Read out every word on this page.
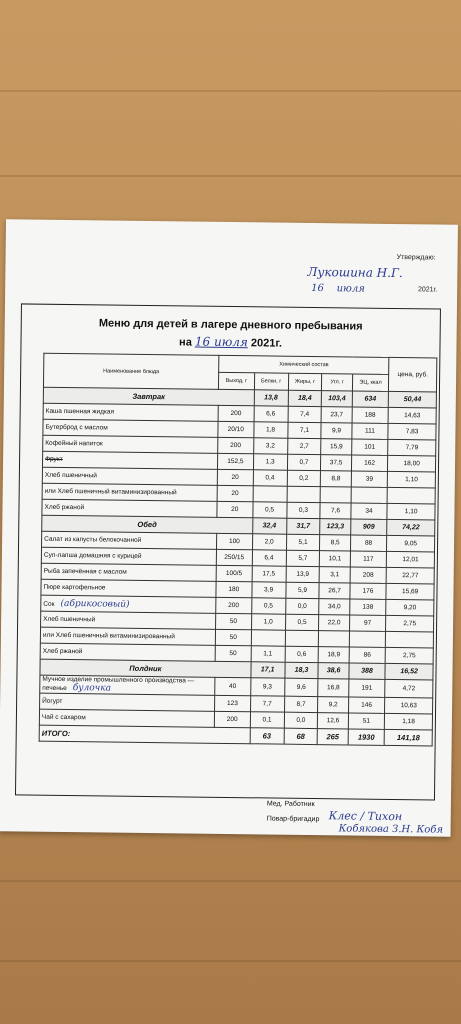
Утверждаю:
Лукошина Н.Г.
16 июля	2021г.
Меню для детей в лагере дневного пребывания
на 16 июля 2021г.
Наименование блюда	Химический состав					цена, руб.
	Выход, г	Белки, г	Жиры, г	Угл. г	ЭЦ, ккал	
Завтрак		13,8	18,4	103,4	634	50,44
Каша пшенная жидкая	200	6,6	7,4	23,7	188	14,63
Бутерброд с маслом	20/10	1,8	7,1	9,9	111	7,83
Кофейный напиток	200	3,2	2,7	15,9	101	7,79
Фрукт	152,5	1,3	0,7	37,5	162	18,00
Хлеб пшеничный	20	0,4	0,2	8,8	39	1,10
или Хлеб пшеничный витаминизированный	20					
Хлеб ржаной	20	0,5	0,3	7,6	34	1,10
Обед		32,4	31,7	123,3	909	74,22
Салат из капусты белокочанной	100	2,0	5,1	8,5	88	9,05
Суп-лапша домашняя с курицей	250/15	6,4	5,7	10,1	117	12,01
Рыба запечённая с маслом	100/5	17,5	13,9	3,1	208	22,77
Пюре картофельное	180	3,9	5,9	26,7	176	15,69
Сок (абрикосовый)	200	0,5	0,0	34,0	138	9,20
Хлеб пшеничный	50	1,0	0,5	22,0	97	2,75
или Хлеб пшеничный витаминизированный	50					
Хлеб ржаной	50	1,1	0,6	18,9	86	2,75
Полдник		17,1	18,3	38,6	388	16,52
Мучное изделие промышленного производства — печенье булочка	40	9,3	9,6	16,8	191	4,72
Йогурт	123	7,7	8,7	9,2	146	10,63
Чай с сахаром	200	0,1	0,0	12,6	51	1,18
ИТОГО:		63	68	265	1930	141,18
Мед. Работник
Повар-бригадир Клес / Тихон
Кобякова З.Н. Кобя
